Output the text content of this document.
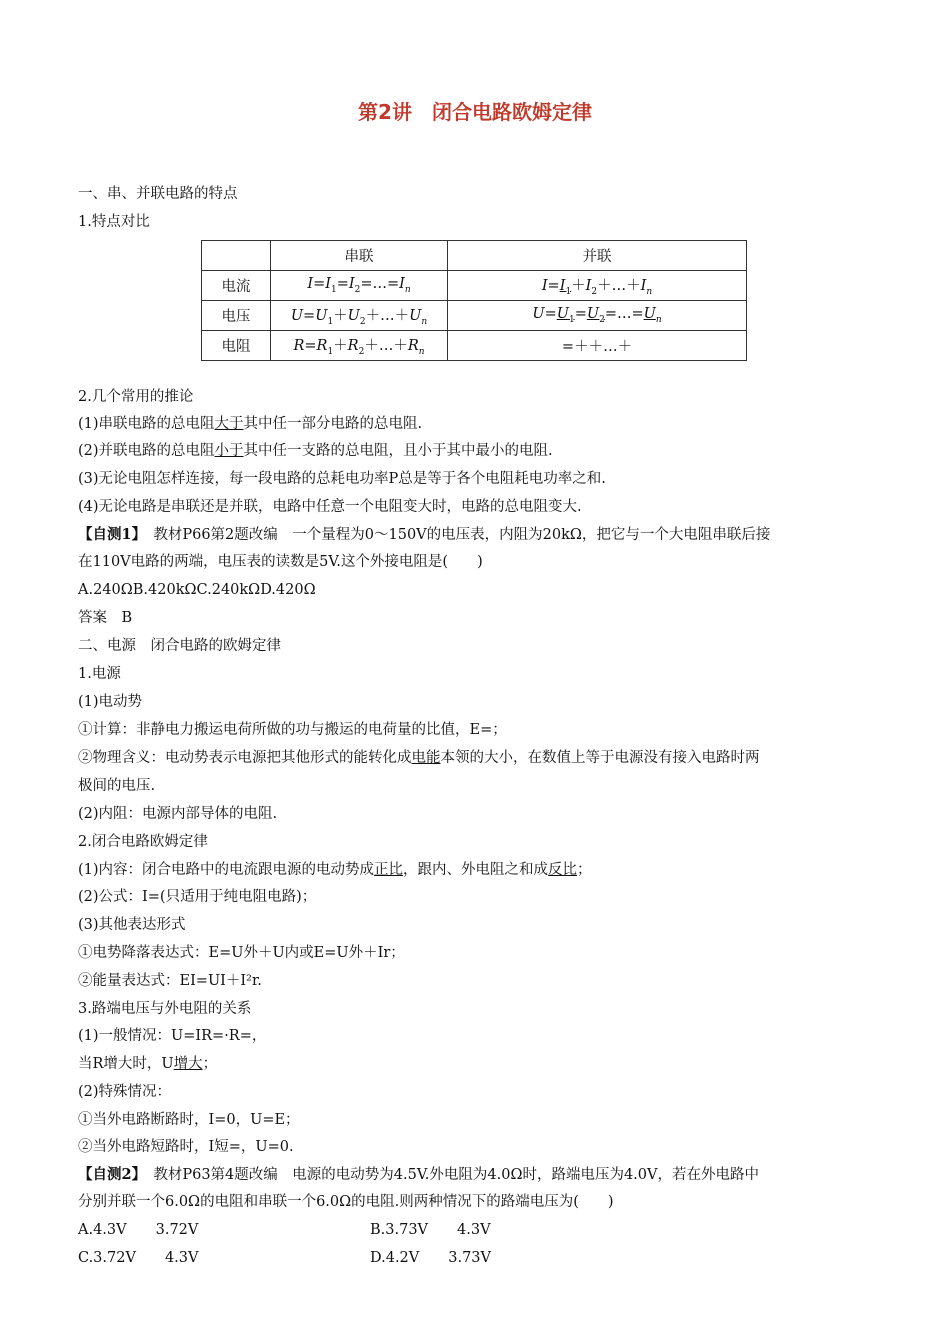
第2讲　闭合电路欧姆定律
一、串、并联电路的特点
1.特点对比
	串联	并联
电流	$I=I_1=I_2=\dots=I_n$	$I=I_1+I_2+\dots+I_n$
电压	$U=U_1+U_2+\dots+U_n$	$U=U_1=U_2=\dots=U_n$
电阻	$R=R_1+R_2+\dots+R_n$	=＋＋…＋
2.几个常用的推论
(1)串联电路的总电阻大于其中任一部分电路的总电阻.
(2)并联电路的总电阻小于其中任一支路的总电阻，且小于其中最小的电阻.
(3)无论电阻怎样连接，每一段电路的总耗电功率P总是等于各个电阻耗电功率之和.
(4)无论电路是串联还是并联，电路中任意一个电阻变大时，电路的总电阻变大.
【自测1】　教材P66第2题改编　一个量程为0～150V的电压表，内阻为20kΩ，把它与一个大电阻串联后接
在110V电路的两端，电压表的读数是5V.这个外接电阻是(　　)
A.240ΩB.420kΩC.240kΩD.420Ω
答案　B
二、电源　闭合电路的欧姆定律
1.电源
(1)电动势
①计算：非静电力搬运电荷所做的功与搬运的电荷量的比值，E=；
②物理含义：电动势表示电源把其他形式的能转化成电能本领的大小，在数值上等于电源没有接入电路时两
极间的电压.
(2)内阻：电源内部导体的电阻.
2.闭合电路欧姆定律
(1)内容：闭合电路中的电流跟电源的电动势成正比，跟内、外电阻之和成反比；
(2)公式：I=(只适用于纯电阻电路)；
(3)其他表达形式
①电势降落表达式：E=U外＋U内或E=U外＋Ir；
②能量表达式：EI=UI＋I²r.
3.路端电压与外电阻的关系
(1)一般情况：U=IR=·R=，
当R增大时，U增大；
(2)特殊情况：
①当外电路断路时，I=0，U=E；
②当外电路短路时，I短=，U=0.
【自测2】　教材P63第4题改编　电源的电动势为4.5V.外电阻为4.0Ω时，路端电压为4.0V，若在外电路中
分别并联一个6.0Ω的电阻和串联一个6.0Ω的电阻.则两种情况下的路端电压为(　　)
A.4.3V　　3.72V	B.3.73V　　4.3V
C.3.72V　　4.3V	D.4.2V　　3.73V
